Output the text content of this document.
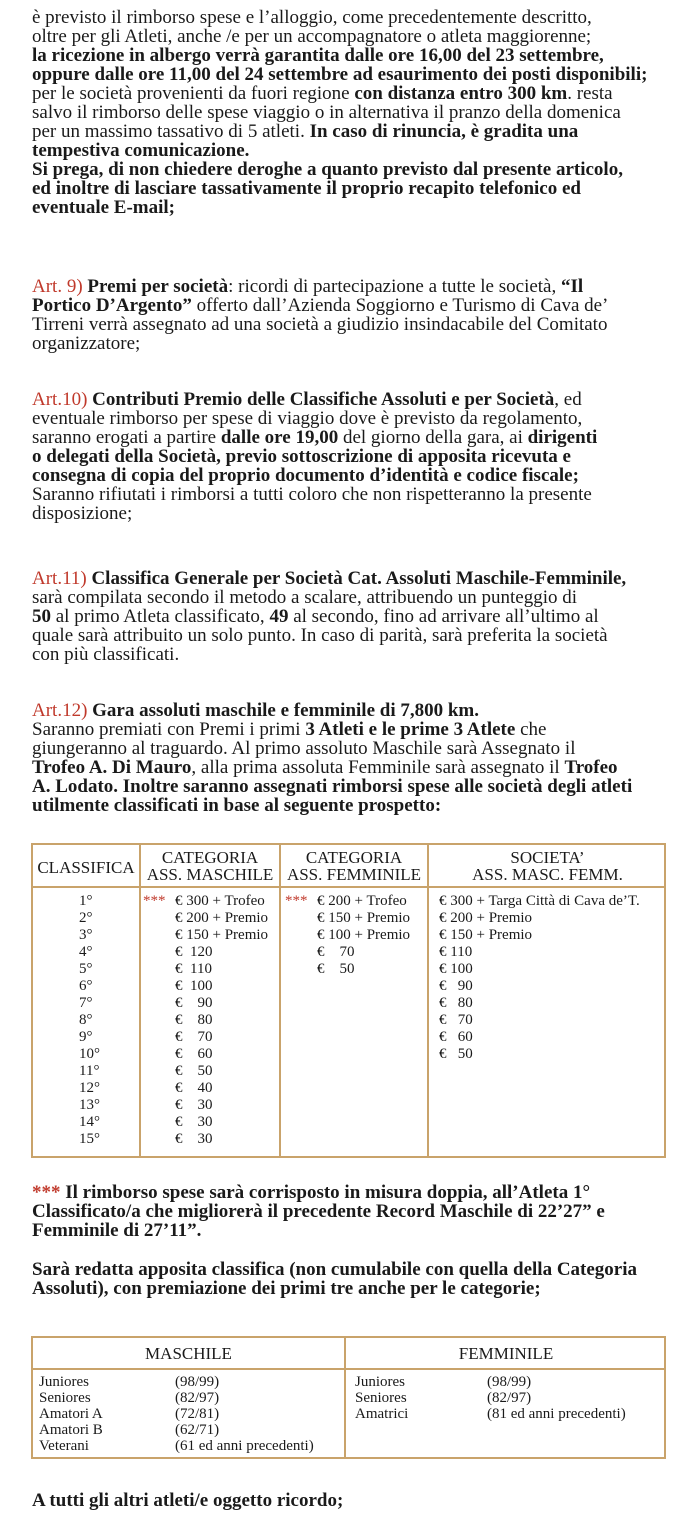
è previsto il rimborso spese e l’alloggio, come precedentemente descritto,
oltre per gli Atleti, anche /e per un accompagnatore o atleta maggiorenne;
la ricezione in albergo verrà garantita dalle ore 16,00 del 23 settembre,
oppure dalle ore 11,00 del 24 settembre ad esaurimento dei posti disponibili;
per le società provenienti da fuori regione con distanza entro 300 km. resta
salvo il rimborso delle spese viaggio o in alternativa il pranzo della domenica
per un massimo tassativo di 5 atleti. In caso di rinuncia, è gradita una
tempestiva comunicazione.
Si prega, di non chiedere deroghe a quanto previsto dal presente articolo,
ed inoltre di lasciare tassativamente il proprio recapito telefonico ed
eventuale E-mail;
Art. 9) Premi per società: ricordi di partecipazione a tutte le società, “Il
Portico D’Argento” offerto dall’Azienda Soggiorno e Turismo di Cava de’
Tirreni verrà assegnato ad una società a giudizio insindacabile del Comitato
organizzatore;
Art.10) Contributi Premio delle Classifiche Assoluti e per Società, ed
eventuale rimborso per spese di viaggio dove è previsto da regolamento,
saranno erogati a partire dalle ore 19,00 del giorno della gara, ai dirigenti
o delegati della Società, previo sottoscrizione di apposita ricevuta e
consegna di copia del proprio documento d’identità e codice fiscale;
Saranno rifiutati i rimborsi a tutti coloro che non rispetteranno la presente
disposizione;
Art.11) Classifica Generale per Società Cat. Assoluti Maschile-Femminile,
sarà compilata secondo il metodo a scalare, attribuendo un punteggio di
50 al primo Atleta classificato, 49 al secondo, fino ad arrivare all’ultimo al
quale sarà attribuito un solo punto. In caso di parità, sarà preferita la società
con più classificati.
Art.12) Gara assoluti maschile e femminile di 7,800 km.
Saranno premiati con Premi i primi 3 Atleti e le prime 3 Atlete che
giungeranno al traguardo. Al primo assoluto Maschile sarà Assegnato il
Trofeo A. Di Mauro, alla prima assoluta Femminile sarà assegnato il Trofeo
A. Lodato. Inoltre saranno assegnati rimborsi spese alle società degli atleti
utilmente classificati in base al seguente prospetto:
CLASSIFICA
CATEGORIA
ASS. MASCHILE
CATEGORIA
ASS. FEMMINILE
SOCIETA’
ASS. MASC. FEMM.
1°
2°
3°
4°
5°
6°
7°
8°
9°
10°
11°
12°
13°
14°
15°
*** € 300 + Trofeo
€ 200 + Premio
€ 150 + Premio
€  120
€  110
€  100
€    90
€    80
€    70
€    60
€    50
€    40
€    30
€    30
€    30
*** € 200 + Trofeo
€ 150 + Premio
€ 100 + Premio
€    70
€    50
€ 300 + Targa Città di Cava de’T.
€ 200 + Premio
€ 150 + Premio
€ 110
€ 100
€   90
€   80
€   70
€   60
€   50
*** Il rimborso spese sarà corrisposto in misura doppia, all’Atleta 1°
Classificato/a che migliorerà il precedente Record Maschile di 22’27” e
Femminile di 27’11”.
Sarà redatta apposita classifica (non cumulabile con quella della Categoria
Assoluti), con premiazione dei primi tre anche per le categorie;
MASCHILE	FEMMINILE
Juniores
Seniores
Amatori A
Amatori B
Veterani
(98/99)
(82/97)
(72/81)
(62/71)
(61 ed anni precedenti)
Juniores
Seniores
Amatrici
(98/99)
(82/97)
(81 ed anni precedenti)
A tutti gli altri atleti/e oggetto ricordo;
